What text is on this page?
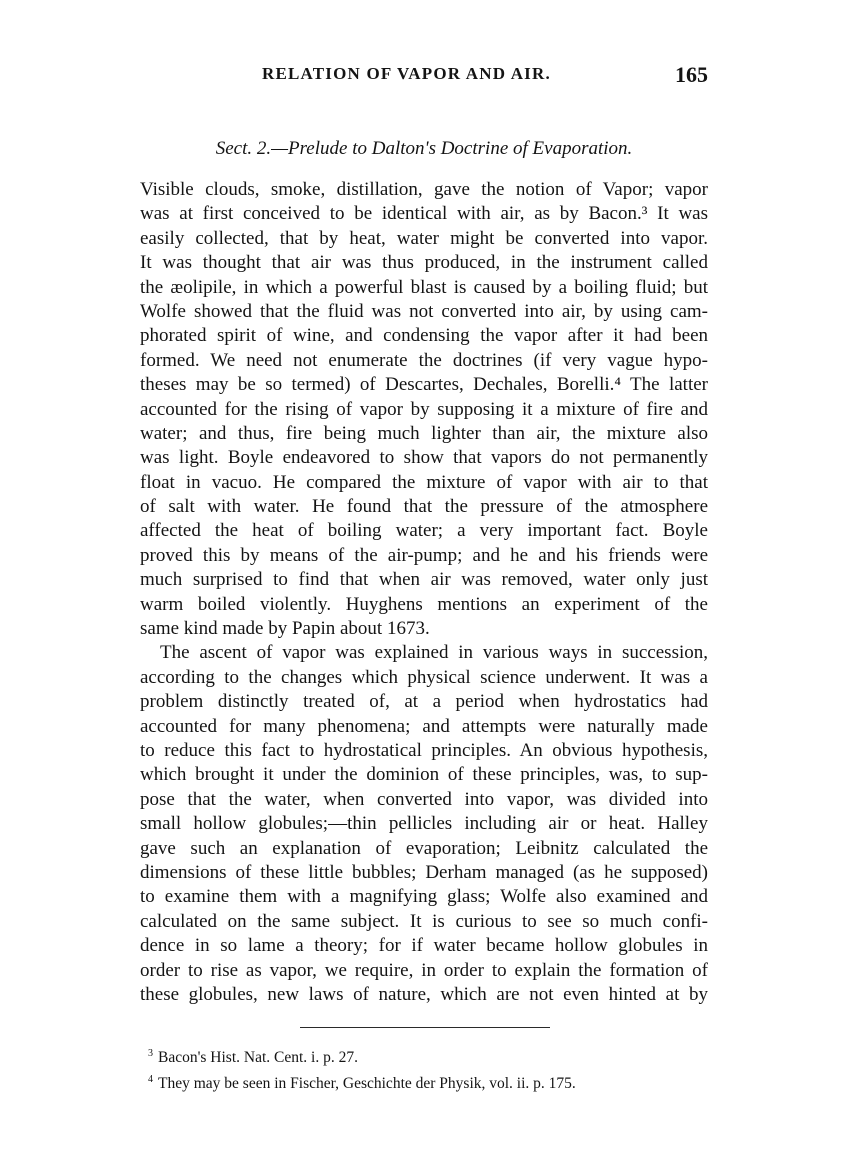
RELATION OF VAPOR AND AIR.	165
Sect. 2.—Prelude to Dalton's Doctrine of Evaporation.
Visible clouds, smoke, distillation, gave the notion of Vapor; vapor
was at first conceived to be identical with air, as by Bacon.³ It was
easily collected, that by heat, water might be converted into vapor.
It was thought that air was thus produced, in the instrument called
the æolipile, in which a powerful blast is caused by a boiling fluid; but
Wolfe showed that the fluid was not converted into air, by using cam-
phorated spirit of wine, and condensing the vapor after it had been
formed. We need not enumerate the doctrines (if very vague hypo-
theses may be so termed) of Descartes, Dechales, Borelli.⁴ The latter
accounted for the rising of vapor by supposing it a mixture of fire and
water; and thus, fire being much lighter than air, the mixture also
was light. Boyle endeavored to show that vapors do not permanently
float in vacuo. He compared the mixture of vapor with air to that
of salt with water. He found that the pressure of the atmosphere
affected the heat of boiling water; a very important fact. Boyle
proved this by means of the air-pump; and he and his friends were
much surprised to find that when air was removed, water only just
warm boiled violently. Huyghens mentions an experiment of the
same kind made by Papin about 1673.
The ascent of vapor was explained in various ways in succession,
according to the changes which physical science underwent. It was a
problem distinctly treated of, at a period when hydrostatics had
accounted for many phenomena; and attempts were naturally made
to reduce this fact to hydrostatical principles. An obvious hypothesis,
which brought it under the dominion of these principles, was, to sup-
pose that the water, when converted into vapor, was divided into
small hollow globules;—thin pellicles including air or heat. Halley
gave such an explanation of evaporation; Leibnitz calculated the
dimensions of these little bubbles; Derham managed (as he supposed)
to examine them with a magnifying glass; Wolfe also examined and
calculated on the same subject. It is curious to see so much confi-
dence in so lame a theory; for if water became hollow globules in
order to rise as vapor, we require, in order to explain the formation of
these globules, new laws of nature, which are not even hinted at by
$^3$ Bacon's Hist. Nat. Cent. i. p. 27.
$^4$ They may be seen in Fischer, Geschichte der Physik, vol. ii. p. 175.
